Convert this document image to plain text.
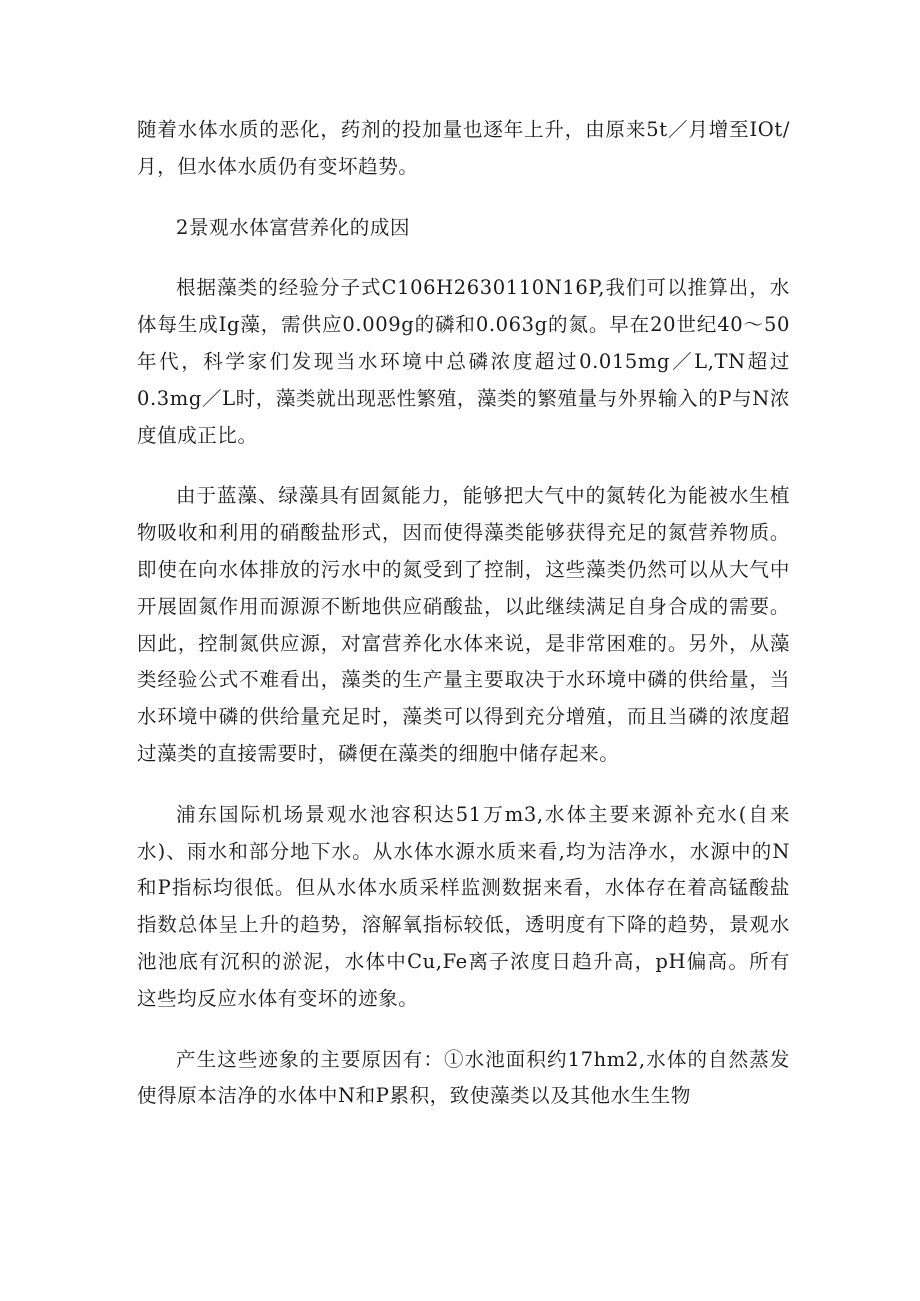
随着水体水质的恶化，药剂的投加量也逐年上升，由原来5t／月增至IOt/月，但水体水质仍有变坏趋势。

2景观水体富营养化的成因

根据藻类的经验分子式C106H2630110N16P,我们可以推算出，水体每生成Ig藻，需供应0.009g的磷和0.063g的氮。早在20世纪40～50年代，科学家们发现当水环境中总磷浓度超过0.015mg／L,TN超过0.3mg／L时，藻类就出现恶性繁殖，藻类的繁殖量与外界输入的P与N浓度值成正比。

由于蓝藻、绿藻具有固氮能力，能够把大气中的氮转化为能被水生植物吸收和利用的硝酸盐形式，因而使得藻类能够获得充足的氮营养物质。即使在向水体排放的污水中的氮受到了控制，这些藻类仍然可以从大气中开展固氮作用而源源不断地供应硝酸盐，以此继续满足自身合成的需要。因此，控制氮供应源，对富营养化水体来说，是非常困难的。另外，从藻类经验公式不难看出，藻类的生产量主要取决于水环境中磷的供给量，当水环境中磷的供给量充足时，藻类可以得到充分增殖，而且当磷的浓度超过藻类的直接需要时，磷便在藻类的细胞中储存起来。

浦东国际机场景观水池容积达51万m3,水体主要来源补充水(自来水)、雨水和部分地下水。从水体水源水质来看,均为洁净水，水源中的N和P指标均很低。但从水体水质采样监测数据来看，水体存在着高锰酸盐指数总体呈上升的趋势，溶解氧指标较低，透明度有下降的趋势，景观水池池底有沉积的淤泥，水体中Cu,Fe离子浓度日趋升高，pH偏高。所有这些均反应水体有变坏的迹象。

产生这些迹象的主要原因有：①水池面积约17hm2,水体的自然蒸发使得原本洁净的水体中N和P累积，致使藻类以及其他水生生物
